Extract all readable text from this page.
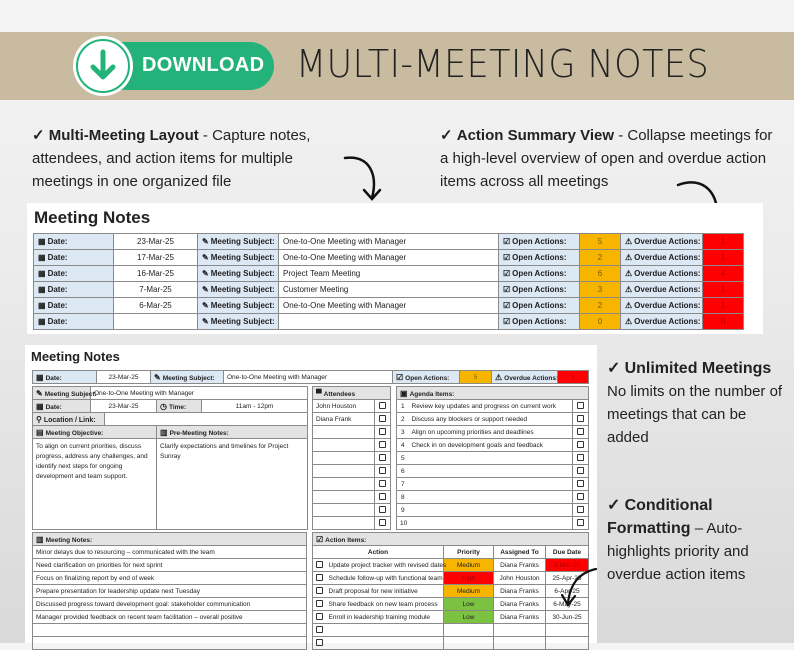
DOWNLOAD MULTI-MEETING NOTES
✓ Multi-Meeting Layout - Capture notes, attendees, and action items for multiple meetings in one organized file
✓ Action Summary View - Collapse meetings for a high-level overview of open and overdue action items across all meetings
Meeting Notes
▦ Date:	23-Mar-25	✎ Meeting Subject:	One-to-One Meeting with Manager	☑ Open Actions:	5	⚠ Overdue Actions:	1
▦ Date:	17-Mar-25	✎ Meeting Subject:	One-to-One Meeting with Manager	☑ Open Actions:	2	⚠ Overdue Actions:	1
▦ Date:	16-Mar-25	✎ Meeting Subject:	Project Team Meeting	☑ Open Actions:	6	⚠ Overdue Actions:	4
▦ Date:	7-Mar-25	✎ Meeting Subject:	Customer Meeting	☑ Open Actions:	3	⚠ Overdue Actions:	1
▦ Date:	6-Mar-25	✎ Meeting Subject:	One-to-One Meeting with Manager	☑ Open Actions:	2	⚠ Overdue Actions:	1
▦ Date:		✎ Meeting Subject:		☑ Open Actions:	0	⚠ Overdue Actions:	0
Meeting Notes
▦ Date:	23-Mar-25	✎ Meeting Subject:	One-to-One Meeting with Manager	☑ Open Actions:	5	⚠ Overdue Actions:	1
✎ Meeting Subject:	One-to-One Meeting with Manager			
▦ Date:	23-Mar-25		◷ Time:	11am - 12pm
⚲ Location / Link:				
▤ Meeting Objective:			▥ Pre-Meeting Notes:	
To align on current priorities, discuss progress, address any challenges, and identify next steps for ongoing development and team support.			Clarify expectations and timelines for Project Sunray	
▀ Attendees	
John Houston	
Diana Frank	

▣ Agenda Items:		
1	Review key updates and progress on current work	
2	Discuss any blockers or support needed	
3	Align on upcoming priorities and deadlines	
4	Check in on development goals and feedback	
5		
6		
7		
8		
9		
10		
▥ Meeting Notes:
Minor delays due to resourcing – communicated with the team
Need clarification on priorities for next sprint
Focus on finalizing report by end of week
Prepare presentation for leadership update next Tuesday
Discussed progress toward development goal: stakeholder communication
Manager provided feedback on recent team facilitation – overall positive

☑ Action Items:				
Action		Priority	Assigned To	Due Date
	Update project tracker with revised dates	Medium	Diana Franks	2-Mar-25
	Schedule follow-up with functional team	High	John Houston	25-Apr-25
	Draft proposal for new initiative	Medium	Diana Franks	6-Apr-25
	Share feedback on new team process	Low	Diana Franks	6-May-25
	Enroll in leadership training module	Low	Diana Franks	30-Jun-25

✓ Unlimited Meetings
No limits on the number of meetings that can be added
✓ Conditional Formatting – Auto-highlights priority and overdue action items
